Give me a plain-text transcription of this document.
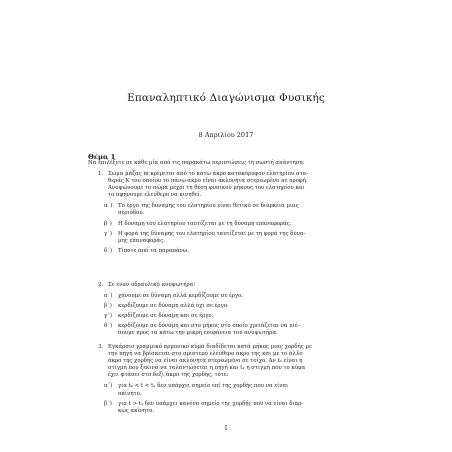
Επαναληπτικό Διαγώνισμα Φυσικής
8 Απριλίου 2017
Θέμα 1
Να επιλέξετε σε κάθε μία από τις παρακάτω περιπτώσεις τη σωστή απάντηση:
1. Σώμα μάζας m κρέμεται από το κάτω άκρο κατακόρυφου ελατηρίου στα-
θεράς K του οποίου το πάνω άκρο είναι ακλόνητα στερεωμένο σε οροφή.
Ανυψώνουμε το σώμα μέχρι τη θέση φυσικού μήκους του ελατηρίου και
το αφήνουμε ελεύθερο να κινηθεί.
α΄) Το έργο της δύναμης του ελατηρίου είναι θετικό σε διάρκεια μιας
περιόδου.
β΄) Η δύναμη του ελατηρίου ταυτίζεται με τη δύναμη επαναφοράς.
γ΄) Η φορά της δύναμης του ελατηρίου ταυτίζεται με τη φορά της δύνα-
μης επαναφοράς.
δ΄) Τίποτε από τα παραπάνω.
2. Σε έναν υδραυλικό ανυψωτήρα:
α΄) χάνουμε σε δύναμη αλλά κερδίζουμε σε έργο.
β΄) κερδίζουμε σε δύναμη αλλά όχι σε έργο.
γ΄) κερδίζουμε σε δύναμη και σε έργο.
δ΄) κερδίζουμε σε δύναμη και στο μήκος στο οποίο χρειάζεται να πιέ-
σουμε προς τα κάτω την μικρή επιφάνεια του ανυψωτήρα.
3. Εγκάρσιο γραμμικό αρμονικό κύμα διαδίδεται κατά μήκος μιας χορδής με
την πηγή να βρίσκεται στο αριστερό ελεύθερο άκρο της και με το άλλο
άκρο της χορδής να είναι ακλόνητα στερεωμένο σε τοίχο. Αν t₀ είναι η
στιγμή που ξεκινά να ταλαντώνεται η πηγή και t₁ η στιγμή που το κύμα
έχει φτάσει στο δεξί άκρο της χορδής, τότε:
α΄) για t₀ < t < t₁ δεν υπάρχει σημείο επί της χορδής που να είναι
ακίνητο.
β΄) για t > t₁ δεν υπάρχει κανένα σημείο της χορδής που να είναι διαρ-
κώς ακίνητο.
1
